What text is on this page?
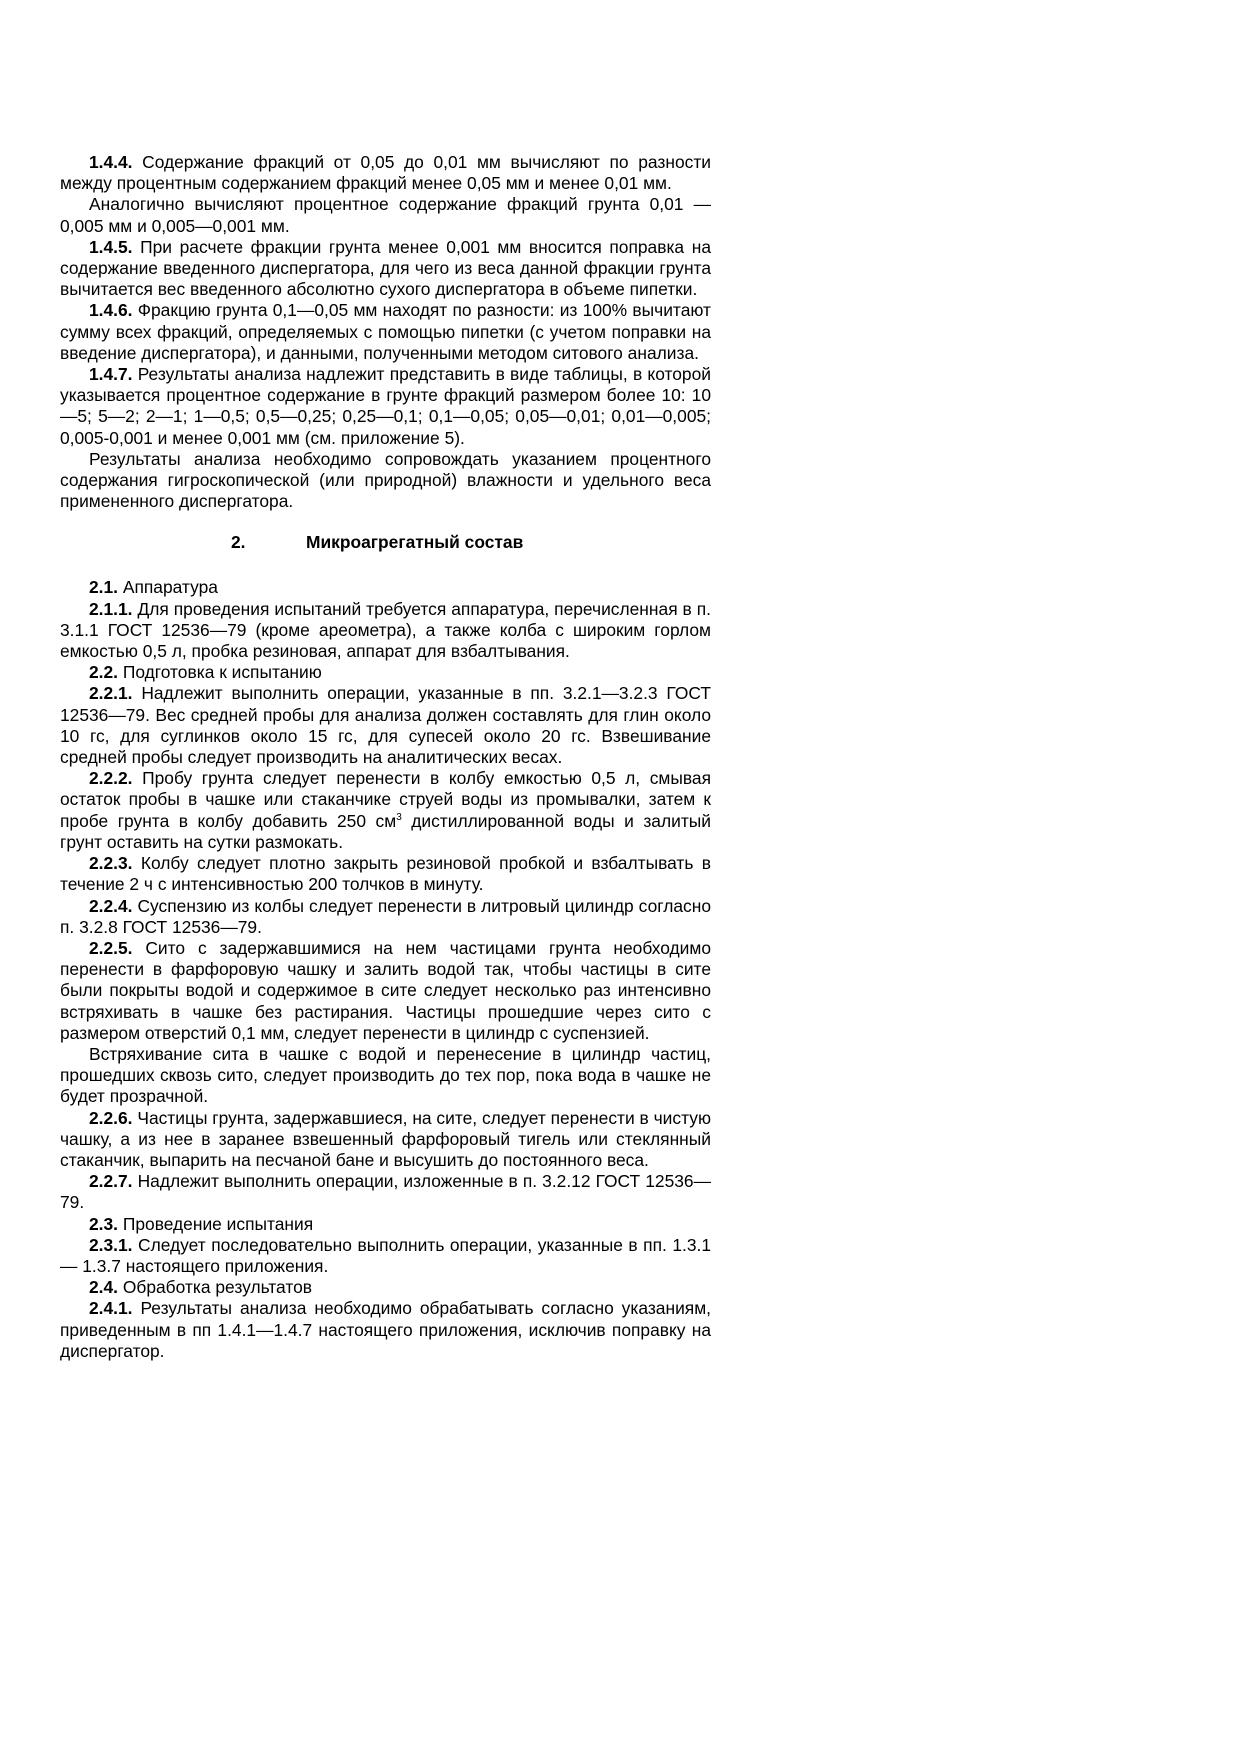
1.4.4. Содержание фракций от 0,05 до 0,01 мм вычисляют по разности между процентным содержанием фракций менее 0,05 мм и менее 0,01 мм.

Аналогично вычисляют процентное содержание фракций грунта 0,01 — 0,005 мм и 0,005—0,001 мм.

1.4.5. При расчете фракции грунта менее 0,001 мм вносится поправка на содержание введенного диспергатора, для чего из веса данной фракции грунта вычитается вес введенного абсолютно сухого диспергатора в объеме пипетки.

1.4.6. Фракцию грунта 0,1—0,05 мм находят по разности: из 100% вычитают сумму всех фракций, определяемых с помощью пипетки (с учетом поправки на введение диспергатора), и данными, полученными методом ситового анализа.

1.4.7. Результаты анализа надлежит представить в виде таблицы, в которой указывается процентное содержание в грунте фракций размером более 10: 10—5; 5—2; 2—1; 1—0,5; 0,5—0,25; 0,25—0,1; 0,1—0,05; 0,05—0,01; 0,01—0,005; 0,005-0,001 и менее 0,001 мм (см. приложение 5).

Результаты анализа необходимо сопровождать указанием процентного содержания гигроскопической (или природной) влажности и удельного веса примененного диспергатора.

2.	Микроагрегатный состав

2.1. Аппаратура

2.1.1. Для проведения испытаний требуется аппаратура, перечисленная в п. 3.1.1 ГОСТ 12536—79 (кроме ареометра), а также колба с широким горлом емкостью 0,5 л, пробка резиновая, аппарат для взбалтывания.

2.2. Подготовка к испытанию

2.2.1. Надлежит выполнить операции, указанные в пп. 3.2.1—3.2.3 ГОСТ 12536—79. Вес средней пробы для анализа должен составлять для глин около 10 гс, для суглинков около 15 гс, для супесей около 20 гс. Взвешивание средней пробы следует производить на аналитических весах.

2.2.2. Пробу грунта следует перенести в колбу емкостью 0,5 л, смывая остаток пробы в чашке или стаканчике струей воды из промывалки, затем к пробе грунта в колбу добавить 250 $см^3$ дистиллированной воды и залитый грунт оставить на сутки размокать.

2.2.3. Колбу следует плотно закрыть резиновой пробкой и взбалтывать в течение 2 ч с интенсивностью 200 толчков в минуту.

2.2.4. Суспензию из колбы следует перенести в литровый цилиндр согласно п. 3.2.8 ГОСТ 12536—79.

2.2.5. Сито с задержавшимися на нем частицами грунта необходимо перенести в фарфоровую чашку и залить водой так, чтобы частицы в сите были покрыты водой и содержимое в сите следует несколько раз интенсивно встряхивать в чашке без растирания. Частицы прошедшие через сито с размером отверстий 0,1 мм, следует перенести в цилиндр с суспензией.

Встряхивание сита в чашке с водой и перенесение в цилиндр частиц, прошедших сквозь сито, следует производить до тех пор, пока вода в чашке не будет прозрачной.

2.2.6. Частицы грунта, задержавшиеся, на сите, следует перенести в чистую чашку, а из нее в заранее взвешенный фарфоровый тигель или стеклянный стаканчик, выпарить на песчаной бане и высушить до постоянного веса.

2.2.7. Надлежит выполнить операции, изложенные в п. 3.2.12 ГОСТ 12536—79.

2.3. Проведение испытания

2.3.1. Следует последовательно выполнить операции, указанные в пп. 1.3.1— 1.3.7 настоящего приложения.

2.4. Обработка результатов

2.4.1. Результаты анализа необходимо обрабатывать согласно указаниям, приведенным в пп 1.4.1—1.4.7 настоящего приложения, исключив поправку на диспергатор.
